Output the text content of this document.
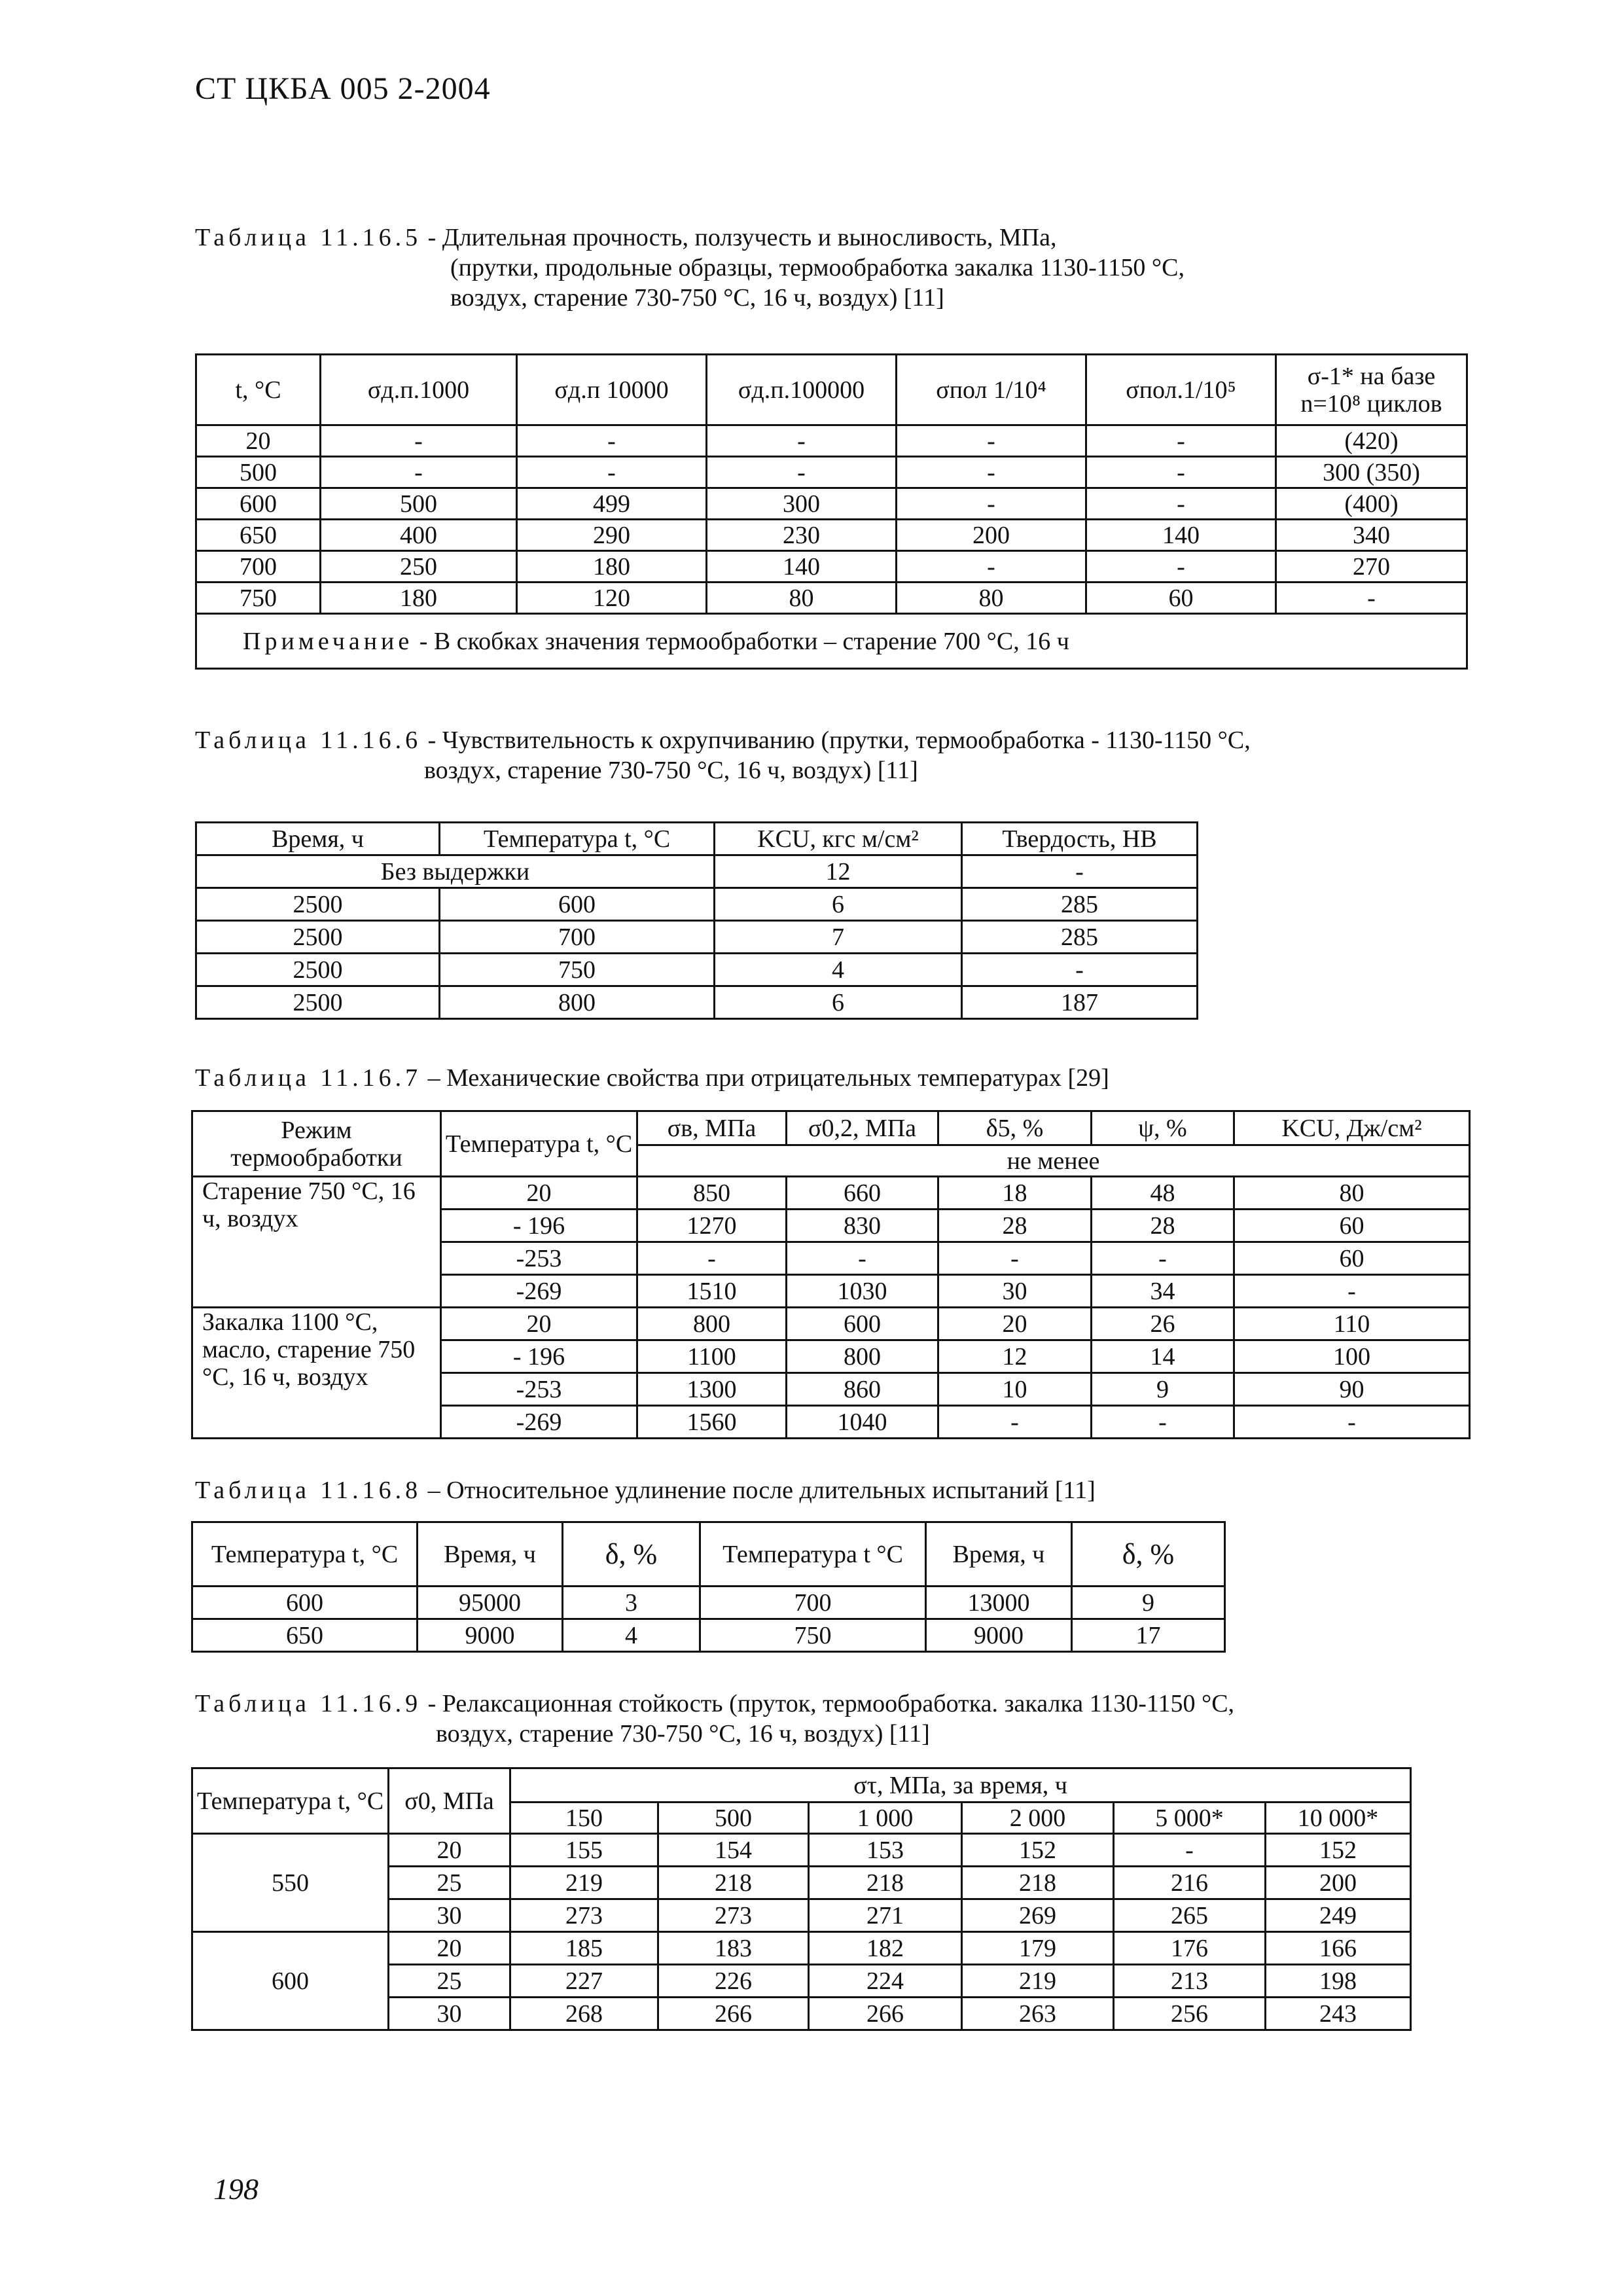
СТ ЦКБА 005 2-2004
Таблица 11.16.5 - Длительная прочность, ползучесть и выносливость, МПа,
(прутки, продольные образцы, термообработка закалка 1130-1150 °С,
воздух, старение 730-750 °С, 16 ч, воздух) [11]
t, °C	σд.п.1000	σд.п 10000	σд.п.100000	σпол 1/10⁴	σпол.1/10⁵	σ-1* на базе n=10⁸ циклов
20	-	-	-	-	-	(420)
500	-	-	-	-	-	300 (350)
600	500	499	300	-	-	(400)
650	400	290	230	200	140	340
700	250	180	140	-	-	270
750	180	120	80	80	60	-
Примечание - В скобках значения термообработки – старение 700 °С, 16 ч						
Таблица 11.16.6 - Чувствительность к охрупчиванию (прутки, термообработка - 1130-1150 °С,
воздух, старение 730-750 °С, 16 ч, воздух) [11]
Время, ч	Температура t, °С	KCU, кгс м/см²	Твердость, НВ
Без выдержки		12	-
2500	600	6	285
2500	700	7	285
2500	750	4	-
2500	800	6	187
Таблица 11.16.7 – Механические свойства при отрицательных температурах [29]
Режим термообработки	Температура t, °С	σв, МПа	σ0,2, МПа	δ5, %	ψ, %	KCU, Дж/см²
		не менее				
Старение 750 °С, 16 ч, воздух	20	850	660	18	48	80
	- 196	1270	830	28	28	60
	-253	-	-	-	-	60
	-269	1510	1030	30	34	-
Закалка 1100 °С, масло, старение 750 °С, 16 ч, воздух	20	800	600	20	26	110
	- 196	1100	800	12	14	100
	-253	1300	860	10	9	90
	-269	1560	1040	-	-	-
Таблица 11.16.8 – Относительное удлинение после длительных испытаний [11]
Температура t, °С	Время, ч	δ, %	Температура t °С	Время, ч	δ, %
600	95000	3	700	13000	9
650	9000	4	750	9000	17
Таблица 11.16.9 - Релаксационная стойкость (пруток, термообработка. закалка 1130-1150 °С,
воздух, старение 730-750 °С, 16 ч, воздух) [11]
Температура t, °С	σ0, МПа	στ, МПа, за время, ч					
		150	500	1 000	2 000	5 000*	10 000*
550	20	155	154	153	152	-	152
	25	219	218	218	218	216	200
	30	273	273	271	269	265	249
600	20	185	183	182	179	176	166
	25	227	226	224	219	213	198
	30	268	266	266	263	256	243
198
